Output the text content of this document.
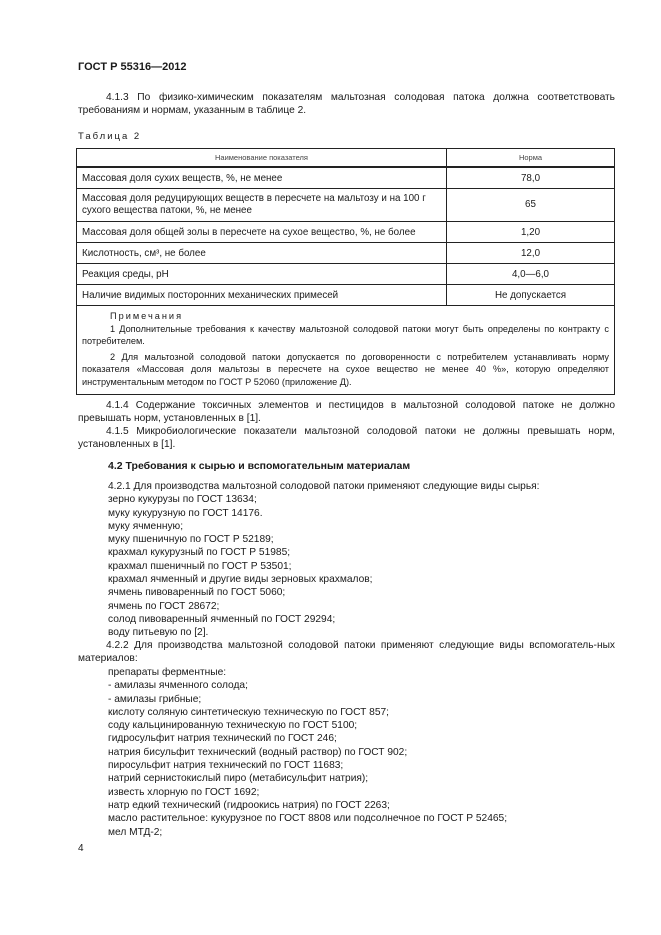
ГОСТ Р 55316—2012
4.1.3 По физико-химическим показателям мальтозная солодовая патока должна соответствовать требованиям и нормам, указанным в таблице 2.
Таблица 2
Наименование показателя	Норма
Массовая доля сухих веществ, %, не менее	78,0
Массовая доля редуцирующих веществ в пересчете на мальтозу и на 100 г сухого вещества патоки, %, не менее	65
Массовая доля общей золы в пересчете на сухое вещество, %, не более	1,20
Кислотность, см³, не более	12,0
Реакция среды, pH	4,0—6,0
Наличие видимых посторонних механических примесей	Не допускается

Примечания
1 Дополнительные требования к качеству мальтозной солодовой патоки могут быть определены по контракту с потребителем.
2 Для мальтозной солодовой патоки допускается по договоренности с потребителем устанавливать норму показателя «Массовая доля мальтозы в пересчете на сухое вещество не менее 40 %», которую определяют инструментальным методом по ГОСТ Р 52060 (приложение Д).	
4.1.4 Содержание токсичных элементов и пестицидов в мальтозной солодовой патоке не должно превышать норм, установленных в [1].
4.1.5 Микробиологические показатели мальтозной солодовой патоки не должны превышать норм, установленных в [1].
4.2 Требования к сырью и вспомогательным материалам
4.2.1 Для производства мальтозной солодовой патоки применяют следующие виды сырья:
зерно кукурузы по ГОСТ 13634;
муку кукурузную по ГОСТ 14176.
муку ячменную;
муку пшеничную по ГОСТ Р 52189;
крахмал кукурузный по ГОСТ Р 51985;
крахмал пшеничный по ГОСТ Р 53501;
крахмал ячменный и другие виды зерновых крахмалов;
ячмень пивоваренный по ГОСТ 5060;
ячмень по ГОСТ 28672;
солод пивоваренный ячменный по ГОСТ 29294;
воду питьевую по [2].
4.2.2 Для производства мальтозной солодовой патоки применяют следующие виды вспомогатель-ных материалов:
препараты ферментные:
- амилазы ячменного солода;
- амилазы грибные;
кислоту соляную синтетическую техническую по ГОСТ 857;
соду кальцинированную техническую по ГОСТ 5100;
гидросульфит натрия технический по ГОСТ 246;
натрия бисульфит технический (водный раствор) по ГОСТ 902;
пиросульфит натрия технический по ГОСТ 11683;
натрий сернистокислый пиро (метабисульфит натрия);
известь хлорную по ГОСТ 1692;
натр едкий технический (гидроокись натрия) по ГОСТ 2263;
масло растительное: кукурузное по ГОСТ 8808 или подсолнечное по ГОСТ Р 52465;
мел МТД-2;
4
